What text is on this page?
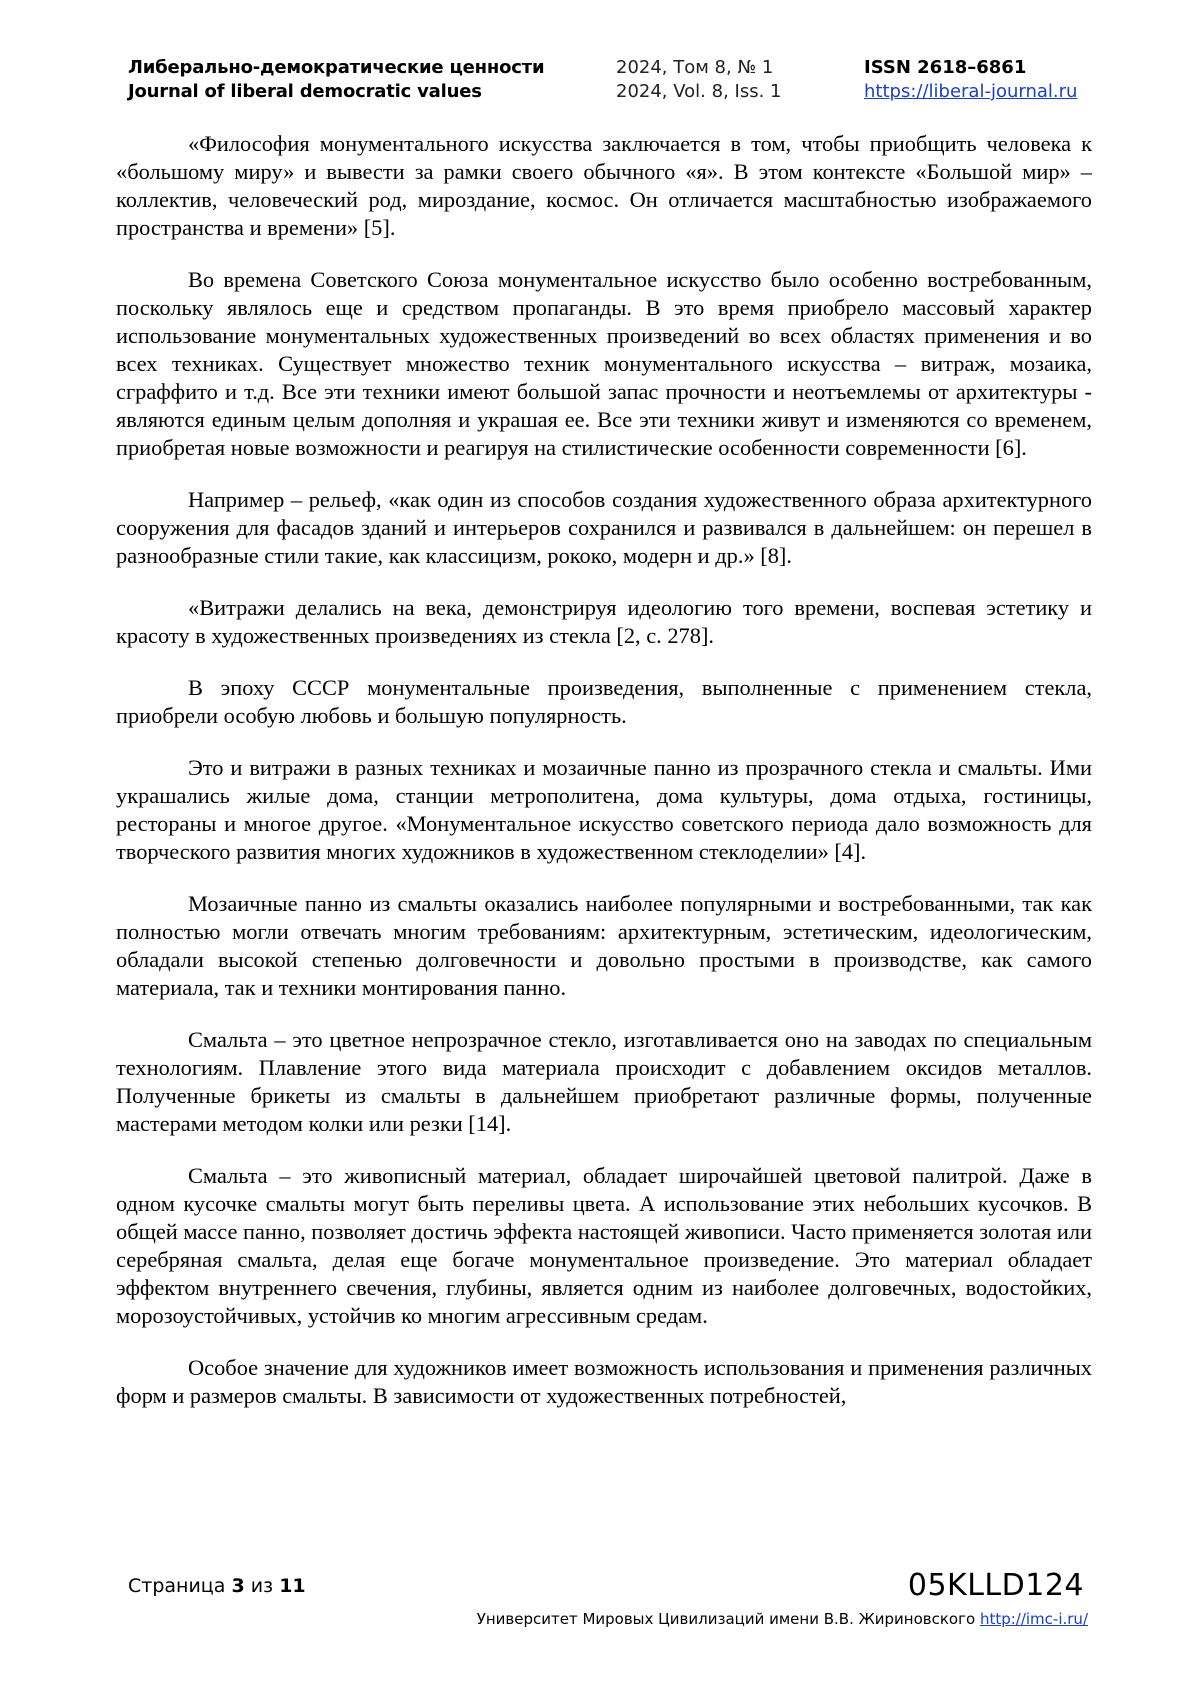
Либерально-демократические ценности
Journal of liberal democratic values
2024, Том 8, № 1
2024, Vol. 8, Iss. 1
ISSN 2618–6861
https://liberal-journal.ru

«Философия монументального искусства заключается в том, чтобы приобщить человека к «большому миру» и вывести за рамки своего обычного «я». В этом контексте «Большой мир» – коллектив, человеческий род, мироздание, космос. Он отличается масштабностью изображаемого пространства и времени» [5].

Во времена Советского Союза монументальное искусство было особенно востребованным, поскольку являлось еще и средством пропаганды. В это время приобрело массовый характер использование монументальных художественных произведений во всех областях применения и во всех техниках. Существует множество техник монументального искусства – витраж, мозаика, сграффито и т.д. Все эти техники имеют большой запас прочности и неотъемлемы от архитектуры - являются единым целым дополняя и украшая ее. Все эти техники живут и изменяются со временем, приобретая новые возможности и реагируя на стилистические особенности современности [6].

Например – рельеф, «как один из способов создания художественного образа архитектурного сооружения для фасадов зданий и интерьеров сохранился и развивался в дальнейшем: он перешел в разнообразные стили такие, как классицизм, рококо, модерн и др.» [8].

«Витражи делались на века, демонстрируя идеологию того времени, воспевая эстетику и красоту в художественных произведениях из стекла [2, с. 278].

В эпоху СССР монументальные произведения, выполненные с применением стекла, приобрели особую любовь и большую популярность.

Это и витражи в разных техниках и мозаичные панно из прозрачного стекла и смальты. Ими украшались жилые дома, станции метрополитена, дома культуры, дома отдыха, гостиницы, рестораны и многое другое. «Монументальное искусство советского периода дало возможность для творческого развития многих художников в художественном стеклоделии» [4].

Мозаичные панно из смальты оказались наиболее популярными и востребованными, так как полностью могли отвечать многим требованиям: архитектурным, эстетическим, идеологическим, обладали высокой степенью долговечности и довольно простыми в производстве, как самого материала, так и техники монтирования панно.

Смальта – это цветное непрозрачное стекло, изготавливается оно на заводах по специальным технологиям. Плавление этого вида материала происходит с добавлением оксидов металлов. Полученные брикеты из смальты в дальнейшем приобретают различные формы, полученные мастерами методом колки или резки [14].

Смальта – это живописный материал, обладает широчайшей цветовой палитрой. Даже в одном кусочке смальты могут быть переливы цвета. А использование этих небольших кусочков. В общей массе панно, позволяет достичь эффекта настоящей живописи. Часто применяется золотая или серебряная смальта, делая еще богаче монументальное произведение. Это материал обладает эффектом внутреннего свечения, глубины, является одним из наиболее долговечных, водостойких, морозоустойчивых, устойчив ко многим агрессивным средам.

Особое значение для художников имеет возможность использования и применения различных форм и размеров смальты. В зависимости от художественных потребностей,

Страница 3 из 11	05KLLD124
Университет Мировых Цивилизаций имени В.В. Жириновского http://imc-i.ru/
